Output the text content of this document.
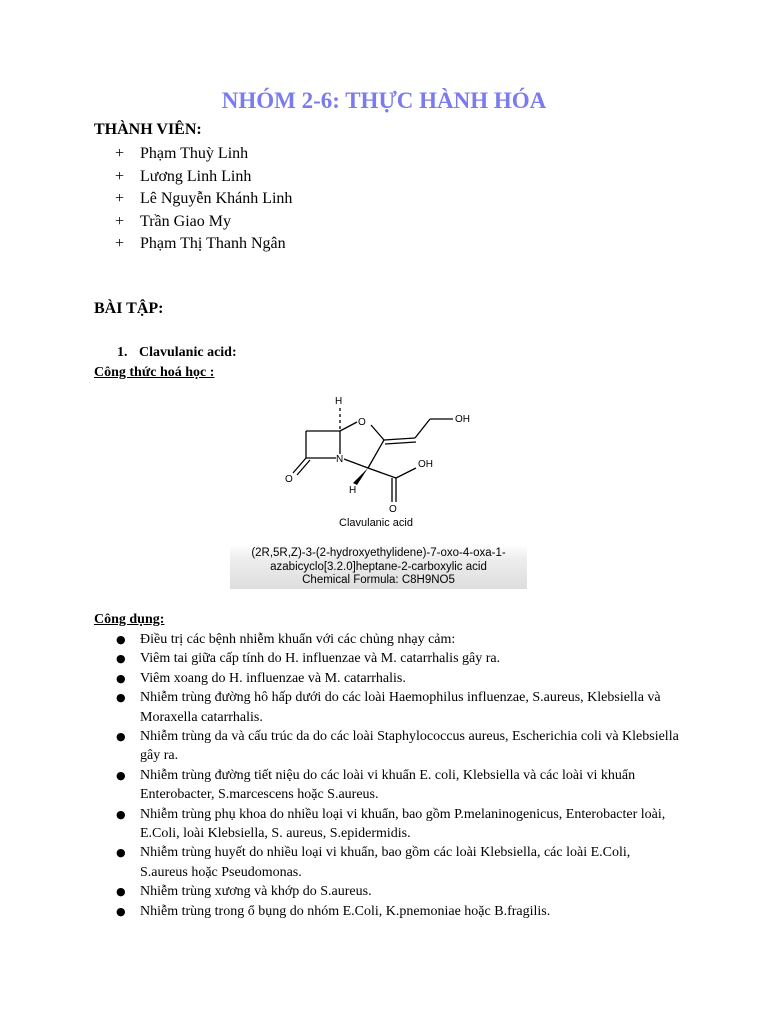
NHÓM 2-6: THỰC HÀNH HÓA
THÀNH VIÊN:
+ Phạm Thuỳ Linh
+ Lương Linh Linh
+ Lê Nguyễn Khánh Linh
+ Trần Giao My
+ Phạm Thị Thanh Ngân
BÀI TẬP:
1. Clavulanic acid:
Công thức hoá học :
H
O	OH
N	OH
O
H
O
Clavulanic acid
(2R,5R,Z)-3-(2-hydroxyethylidene)-7-oxo-4-oxa-1-
azabicyclo[3.2.0]heptane-2-carboxylic acid
Chemical Formula: C8H9NO5
Công dụng:
● Điều trị các bệnh nhiễm khuẩn với các chủng nhạy cảm:
● Viêm tai giữa cấp tính do H. influenzae và M. catarrhalis gây ra.
● Viêm xoang do H. influenzae và M. catarrhalis.
● Nhiễm trùng đường hô hấp dưới do các loài Haemophilus influenzae, S.aureus, Klebsiella và Moraxella catarrhalis.
● Nhiễm trùng da và cấu trúc da do các loài Staphylococcus aureus, Escherichia coli và Klebsiella gây ra.
● Nhiễm trùng đường tiết niệu do các loài vi khuẩn E. coli, Klebsiella và các loài vi khuẩn Enterobacter, S.marcescens hoặc S.aureus.
● Nhiễm trùng phụ khoa do nhiều loại vi khuẩn, bao gồm P.melaninogenicus, Enterobacter loài, E.Coli, loài Klebsiella, S. aureus, S.epidermidis.
● Nhiễm trùng huyết do nhiều loại vi khuẩn, bao gồm các loài Klebsiella, các loài E.Coli, S.aureus hoặc Pseudomonas.
● Nhiễm trùng xương và khớp do S.aureus.
● Nhiễm trùng trong ổ bụng do nhóm E.Coli, K.pnemoniae hoặc B.fragilis.
